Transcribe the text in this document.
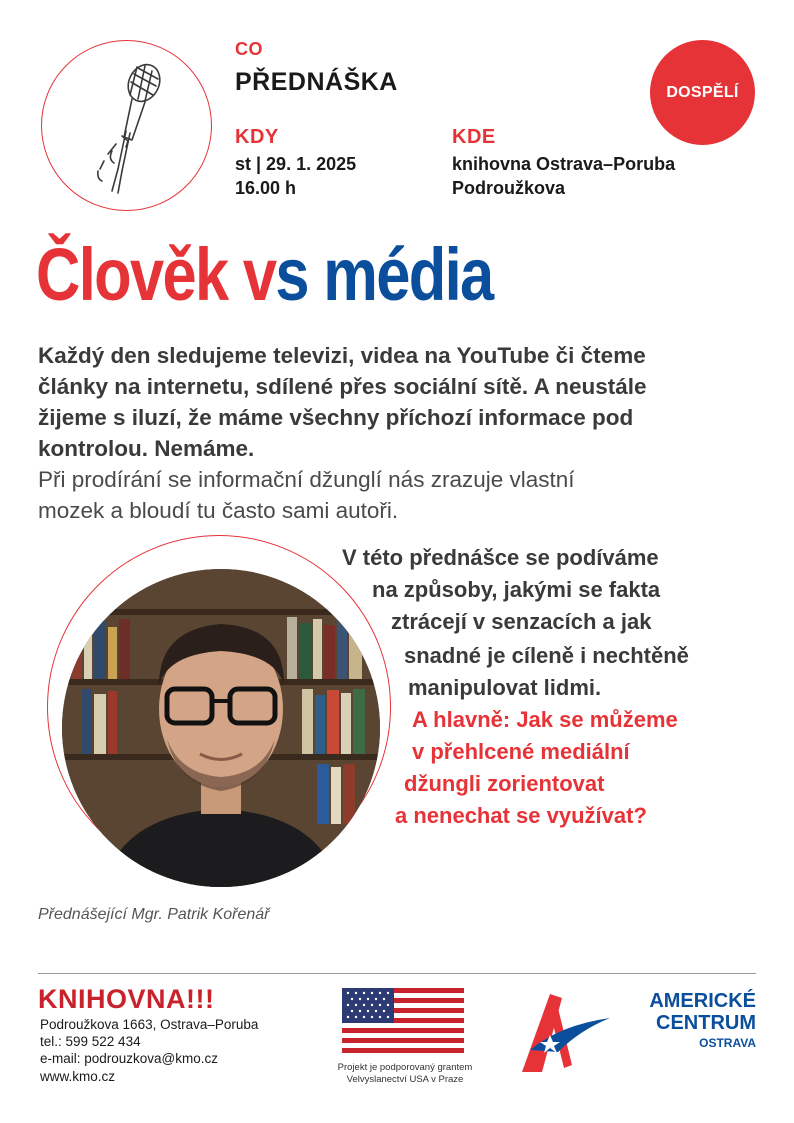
CO
PŘEDNÁŠKA
KDY
st | 29. 1. 2025
16.00 h
KDE
knihovna Ostrava–Poruba
Podroužkova
DOSPĚLÍ
Člověk vs média
Každý den sledujeme televizi, videa na YouTube či čteme
články na internetu, sdílené přes sociální sítě. A neustále
žijeme s iluzí, že máme všechny příchozí informace pod
kontrolou. Nemáme.
Při prodírání se informační džunglí nás zrazuje vlastní
mozek a bloudí tu často sami autoři.
V této přednášce se podíváme
na způsoby, jakými se fakta
ztrácejí v senzacích a jak
snadné je cíleně i nechtěně
manipulovat lidmi.
A hlavně: Jak se můžeme
v přehlcené mediální
džungli zorientovat
a nenechat se využívat?
Přednášející Mgr. Patrik Kořenář
KNIHOVNA!!!
Podroužkova 1663, Ostrava–Poruba
tel.: 599 522 434
e-mail: podrouzkova@kmo.cz
www.kmo.cz
Projekt je podporovaný grantem
Velvyslanectví USA v Praze
AMERICKÉ
CENTRUM
OSTRAVA
